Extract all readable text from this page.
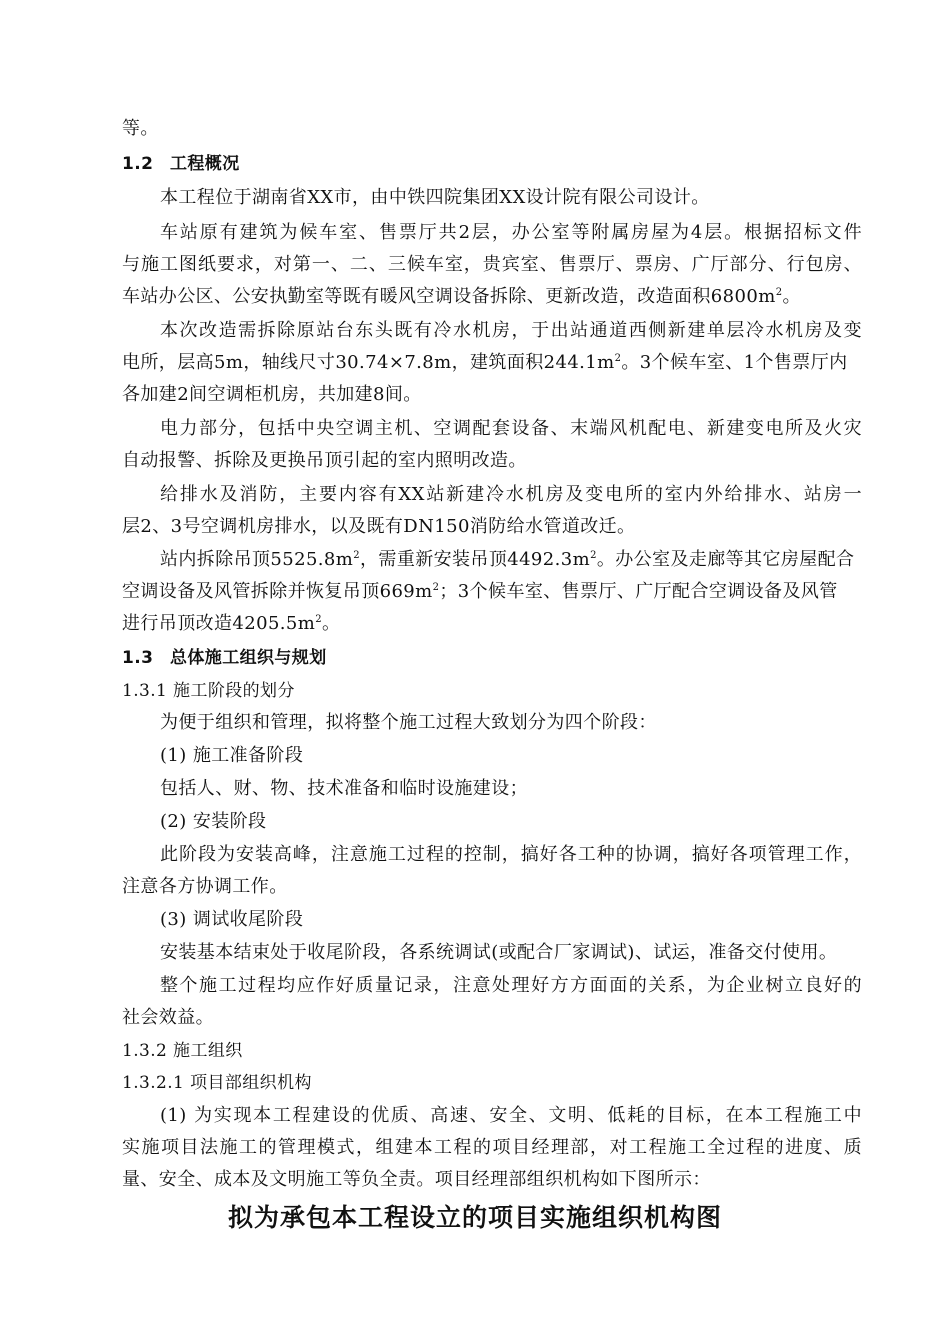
等。
1.2 工程概况
本工程位于湖南省XX市，由中铁四院集团XX设计院有限公司设计。
车站原有建筑为候车室、售票厅共2层，办公室等附属房屋为4层。根据招标文件
与施工图纸要求，对第一、二、三候车室，贵宾室、售票厅、票房、广厅部分、行包房、
车站办公区、公安执勤室等既有暖风空调设备拆除、更新改造，改造面积$6800m^2$。
本次改造需拆除原站台东头既有冷水机房，于出站通道西侧新建单层冷水机房及变
电所，层高5m，轴线尺寸30.74×7.8m，建筑面积$244.1m^2$。3个候车室、1个售票厅内
各加建2间空调柜机房，共加建8间。
电力部分，包括中央空调主机、空调配套设备、末端风机配电、新建变电所及火灾
自动报警、拆除及更换吊顶引起的室内照明改造。
给排水及消防，主要内容有XX站新建冷水机房及变电所的室内外给排水、站房一
层2、3号空调机房排水，以及既有DN150消防给水管道改迁。
站内拆除吊顶$5525.8m^2$，需重新安装吊顶$4492.3m^2$。办公室及走廊等其它房屋配合
空调设备及风管拆除并恢复吊顶$669m^2$；3个候车室、售票厅、广厅配合空调设备及风管
进行吊顶改造$4205.5m^2$。
1.3 总体施工组织与规划
1.3.1 施工阶段的划分
为便于组织和管理，拟将整个施工过程大致划分为四个阶段：
(1) 施工准备阶段
包括人、财、物、技术准备和临时设施建设；
(2) 安装阶段
此阶段为安装高峰，注意施工过程的控制，搞好各工种的协调，搞好各项管理工作，
注意各方协调工作。
(3) 调试收尾阶段
安装基本结束处于收尾阶段，各系统调试(或配合厂家调试)、试运，准备交付使用。
整个施工过程均应作好质量记录，注意处理好方方面面的关系，为企业树立良好的
社会效益。
1.3.2 施工组织
1.3.2.1 项目部组织机构
(1) 为实现本工程建设的优质、高速、安全、文明、低耗的目标，在本工程施工中
实施项目法施工的管理模式，组建本工程的项目经理部，对工程施工全过程的进度、质
量、安全、成本及文明施工等负全责。项目经理部组织机构如下图所示：
拟为承包本工程设立的项目实施组织机构图
